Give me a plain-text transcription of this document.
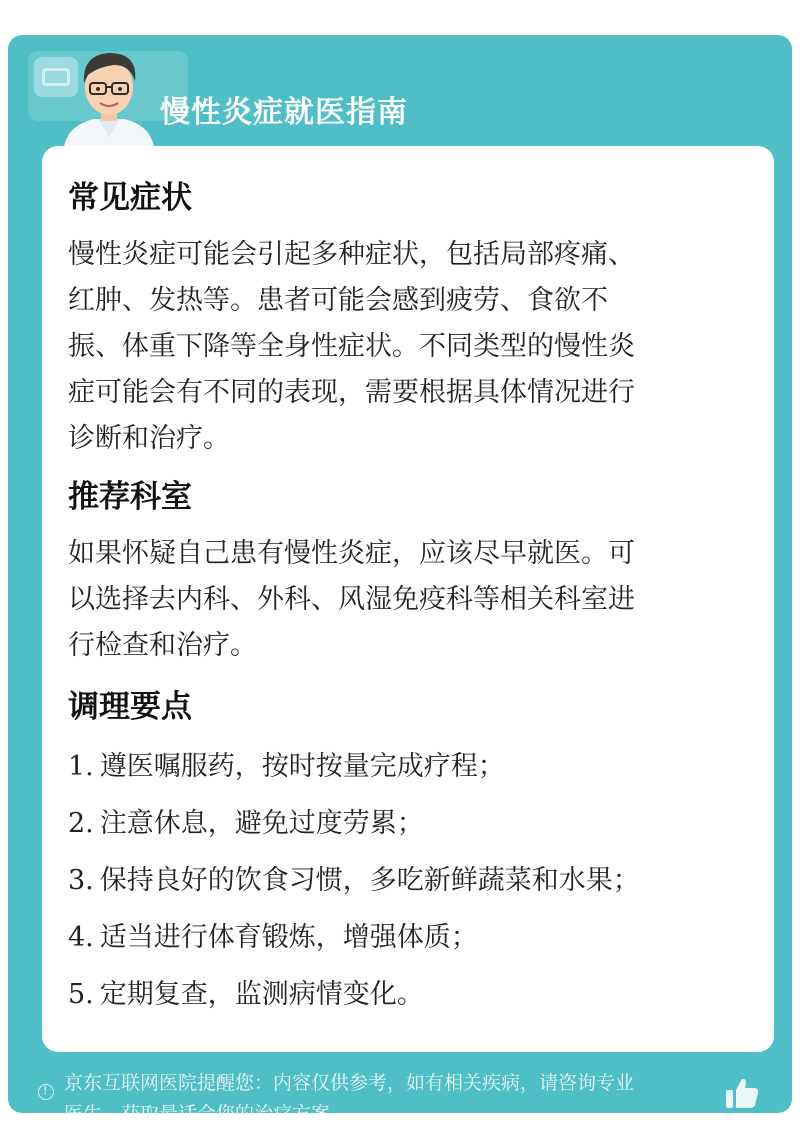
慢性炎症就医指南
常见症状
慢性炎症可能会引起多种症状，包括局部疼痛、
红肿、发热等。患者可能会感到疲劳、食欲不
振、体重下降等全身性症状。不同类型的慢性炎
症可能会有不同的表现，需要根据具体情况进行
诊断和治疗。
推荐科室
如果怀疑自己患有慢性炎症，应该尽早就医。可
以选择去内科、外科、风湿免疫科等相关科室进
行检查和治疗。
调理要点
1. 遵医嘱服药，按时按量完成疗程；
2. 注意休息，避免过度劳累；
3. 保持良好的饮食习惯，多吃新鲜蔬菜和水果；
4. 适当进行体育锻炼，增强体质；
5. 定期复查，监测病情变化。
!

京东互联网医院提醒您：内容仅供参考，如有相关疾病，请咨询专业
医生，获取最适合您的治疗方案
